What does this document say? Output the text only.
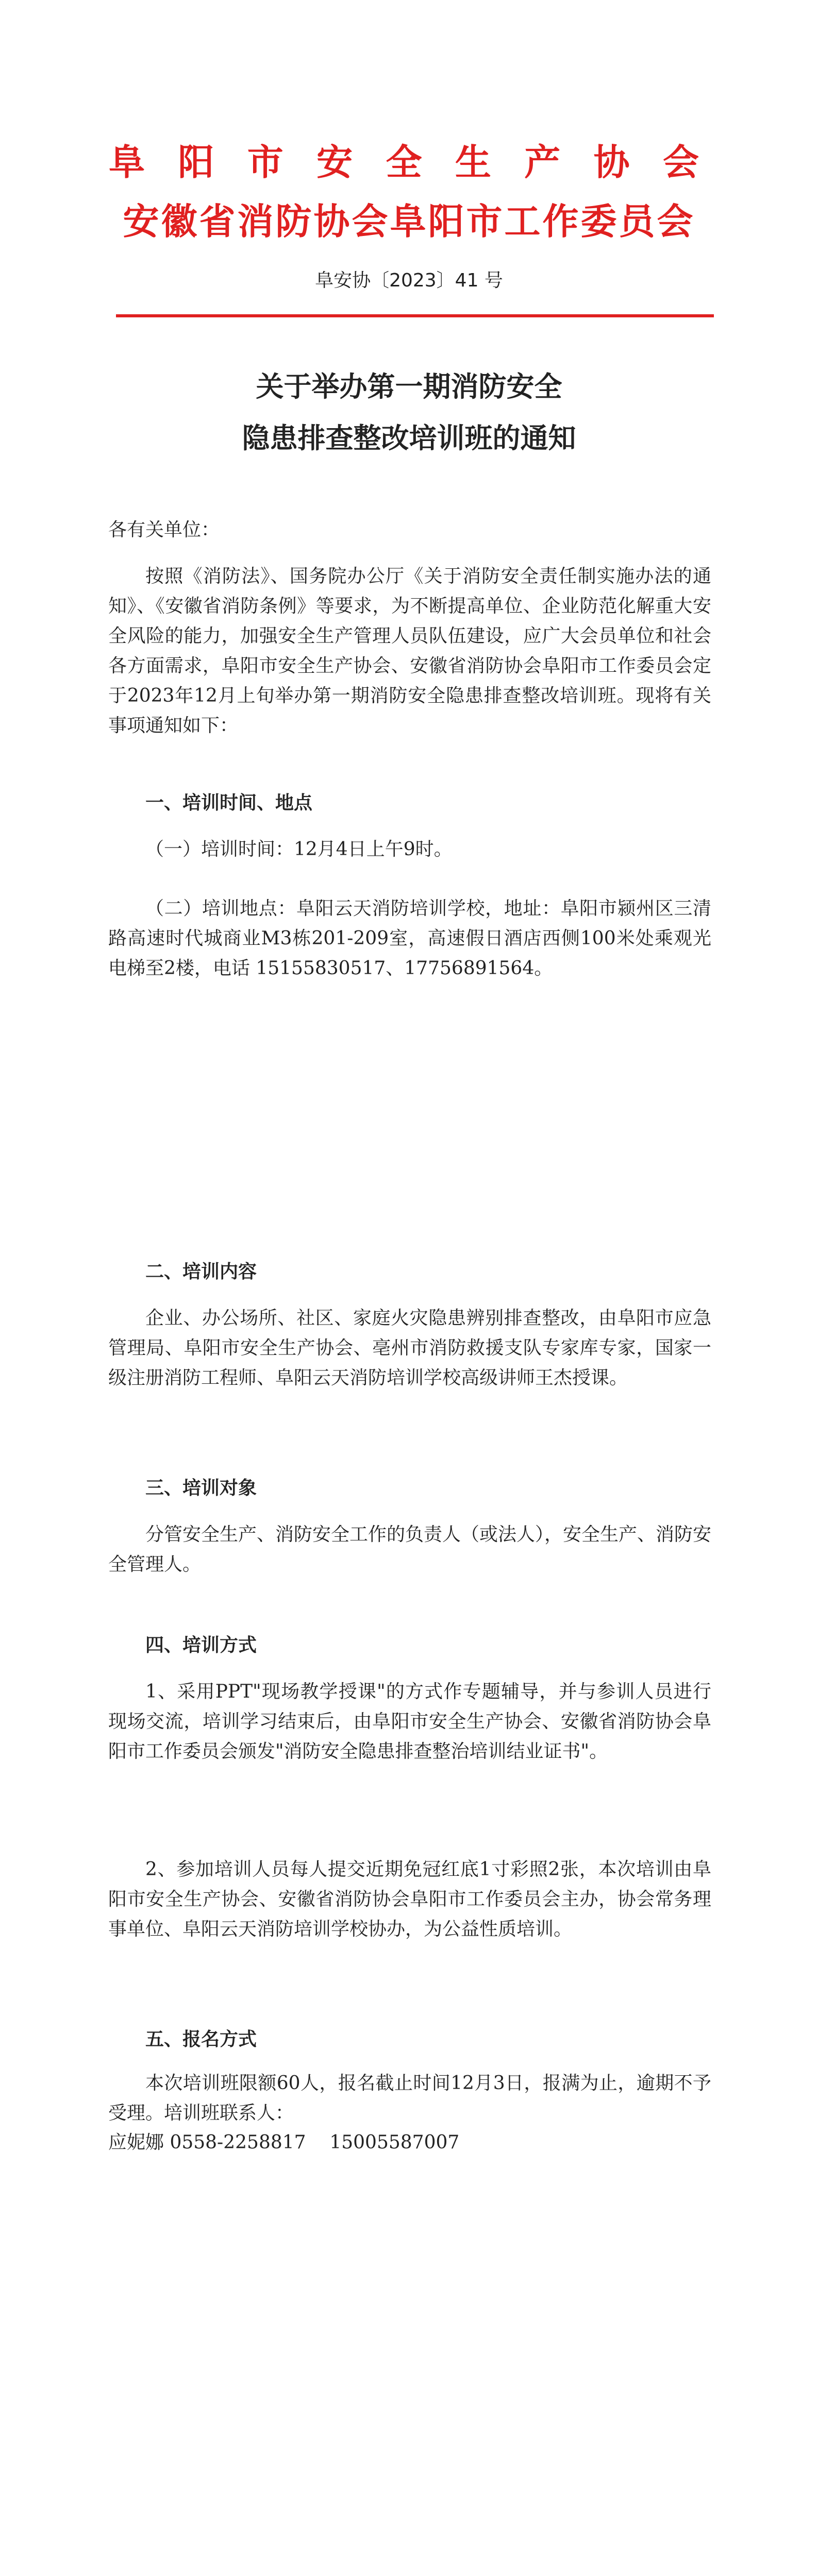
阜 阳 市 安 全 生 产 协 会
安徽省消防协会阜阳市工作委员会
阜安协〔2023〕41 号
关于举办第一期消防安全
隐患排查整改培训班的通知
各有关单位：
按照《消防法》、国务院办公厅《关于消防安全责任制实施办法的通知》、《安徽省消防条例》等要求，为不断提高单位、企业防范化解重大安全风险的能力，加强安全生产管理人员队伍建设，应广大会员单位和社会各方面需求，阜阳市安全生产协会、安徽省消防协会阜阳市工作委员会定于2023年12月上旬举办第一期消防安全隐患排查整改培训班。现将有关事项通知如下：
一、培训时间、地点
（一）培训时间：12月4日上午9时。
（二）培训地点：阜阳云天消防培训学校，地址：阜阳市颍州区三清路高速时代城商业M3栋201-209室，高速假日酒店西侧100米处乘观光电梯至2楼，电话 15155830517、17756891564。
二、培训内容
企业、办公场所、社区、家庭火灾隐患辨别排查整改，由阜阳市应急管理局、阜阳市安全生产协会、亳州市消防救援支队专家库专家，国家一级注册消防工程师、阜阳云天消防培训学校高级讲师王杰授课。
三、培训对象
分管安全生产、消防安全工作的负责人（或法人），安全生产、消防安全管理人。
四、培训方式
1、采用PPT"现场教学授课"的方式作专题辅导，并与参训人员进行现场交流，培训学习结束后，由阜阳市安全生产协会、安徽省消防协会阜阳市工作委员会颁发"消防安全隐患排查整治培训结业证书"。
2、参加培训人员每人提交近期免冠红底1寸彩照2张，本次培训由阜阳市安全生产协会、安徽省消防协会阜阳市工作委员会主办，协会常务理事单位、阜阳云天消防培训学校协办，为公益性质培训。
五、报名方式
本次培训班限额60人，报名截止时间12月3日，报满为止，逾期不予受理。培训班联系人：
应妮娜 0558-2258817    15005587007
